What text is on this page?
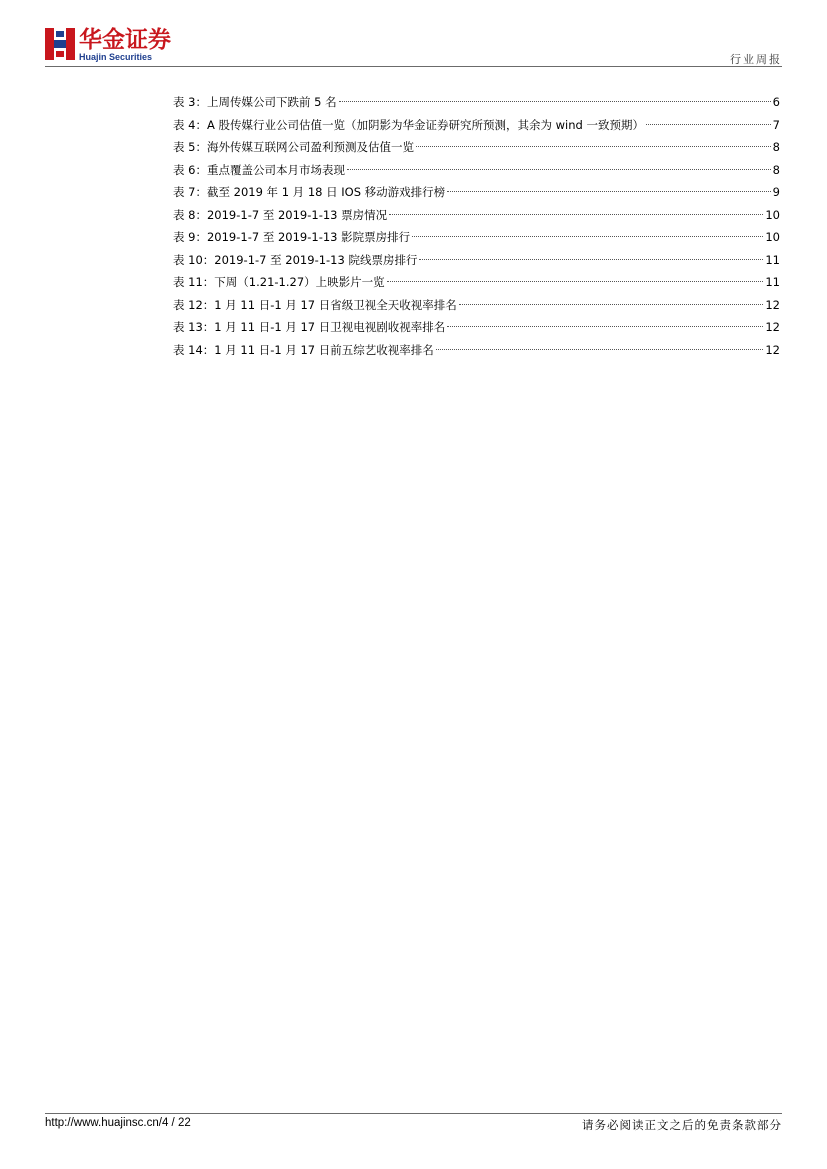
华金证券
Huajin Securities	行业周报
表 3：上周传媒公司下跌前 5 名	6
表 4：A 股传媒行业公司估值一览（加阴影为华金证券研究所预测，其余为 wind 一致预期）	7
表 5：海外传媒互联网公司盈利预测及估值一览	8
表 6：重点覆盖公司本月市场表现	8
表 7：截至 2019 年 1 月 18 日 IOS 移动游戏排行榜	9
表 8：2019-1-7 至 2019-1-13 票房情况	10
表 9：2019-1-7 至 2019-1-13 影院票房排行	10
表 10：2019-1-7 至 2019-1-13 院线票房排行	11
表 11：下周（1.21-1.27）上映影片一览	11
表 12：1 月 11 日-1 月 17 日省级卫视全天收视率排名	12
表 13：1 月 11 日-1 月 17 日卫视电视剧收视率排名	12
表 14：1 月 11 日-1 月 17 日前五综艺收视率排名	12
http://www.huajinsc.cn/4 / 22	请务必阅读正文之后的免责条款部分
